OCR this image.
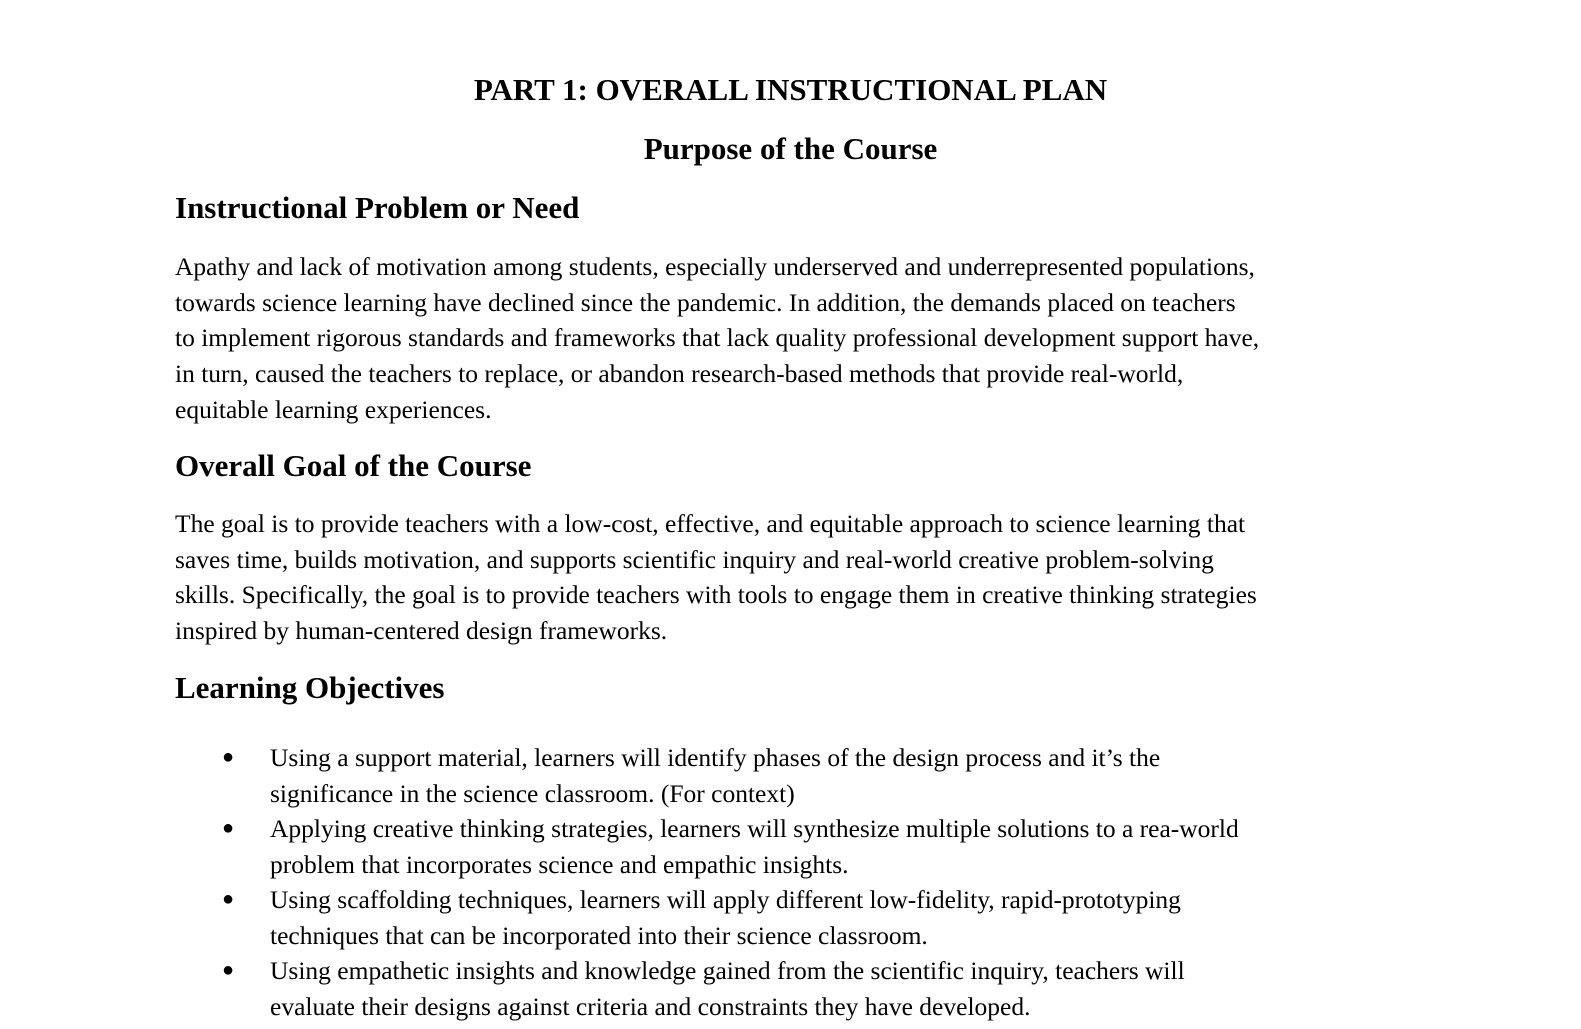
PART 1: OVERALL INSTRUCTIONAL PLAN
Purpose of the Course
Instructional Problem or Need

Apathy and lack of motivation among students, especially underserved and underrepresented populations,
towards science learning have declined since the pandemic. In addition, the demands placed on teachers
to implement rigorous standards and frameworks that lack quality professional development support have,
in turn, caused the teachers to replace, or abandon research-based methods that provide real-world,
equitable learning experiences.

Overall Goal of the Course

The goal is to provide teachers with a low-cost, effective, and equitable approach to science learning that
saves time, builds motivation, and supports scientific inquiry and real-world creative problem-solving
skills. Specifically, the goal is to provide teachers with tools to engage them in creative thinking strategies
inspired by human-centered design frameworks.

Learning Objectives
● Using a support material, learners will identify phases of the design process and it’s the
significance in the science classroom. (For context)
● Applying creative thinking strategies, learners will synthesize multiple solutions to a rea-world
problem that incorporates science and empathic insights.
● Using scaffolding techniques, learners will apply different low-fidelity, rapid-prototyping
techniques that can be incorporated into their science classroom.
● Using empathetic insights and knowledge gained from the scientific inquiry, teachers will
evaluate their designs against criteria and constraints they have developed.
